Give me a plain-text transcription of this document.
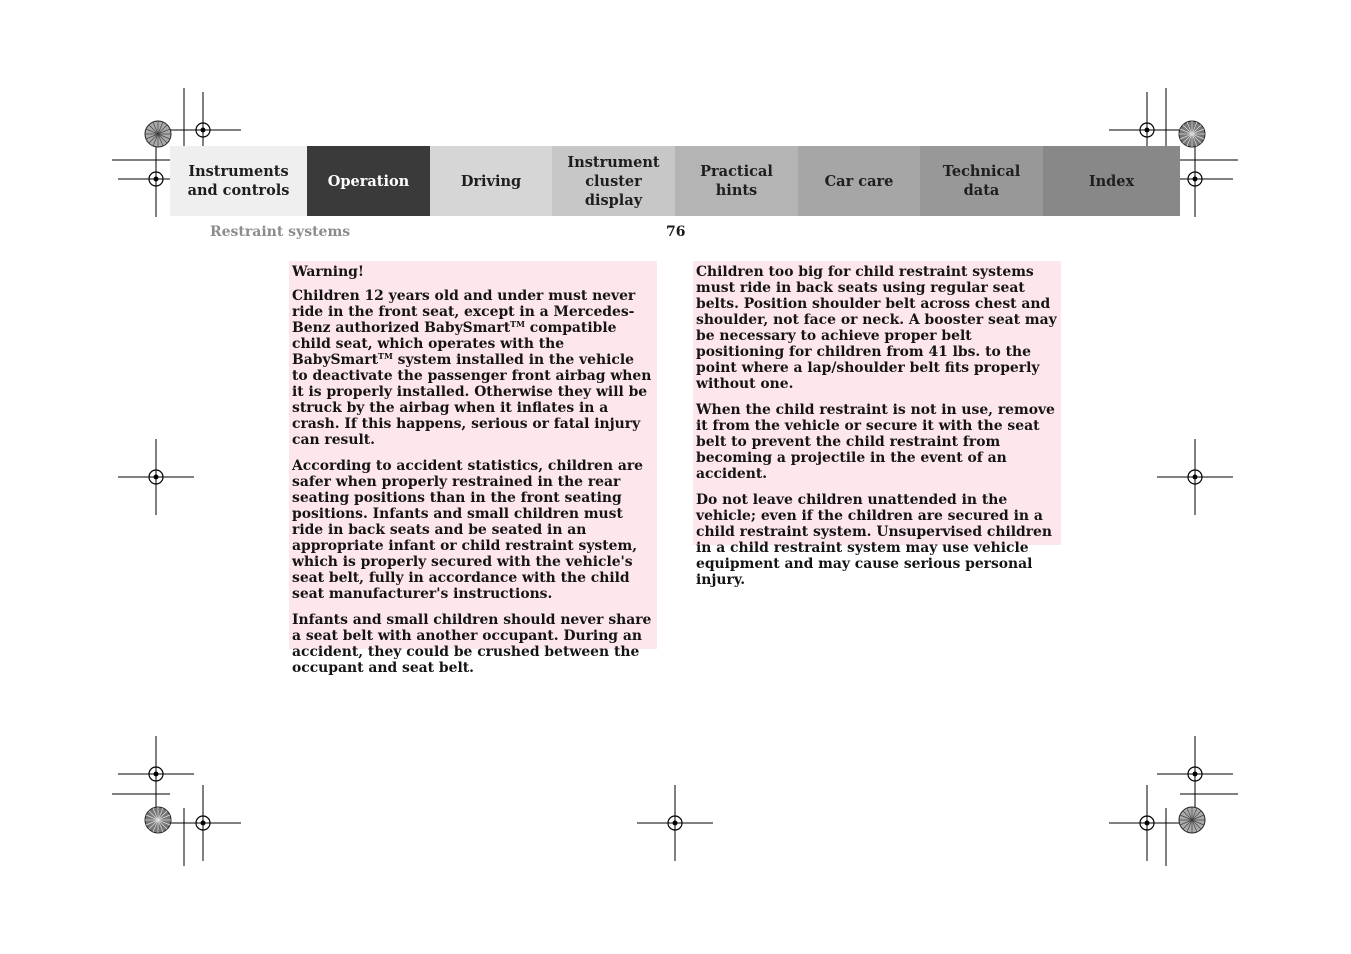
Instruments
and controls
Operation	Driving
Instrument
cluster display
Practical hints
Car care
Technical
data
Index
Restraint systems	76

Warning!

Children 12 years old and under must never ride in the front seat, except in a Mercedes-Benz authorized BabySmart™ compatible child seat, which operates with the BabySmart™ system installed in the vehicle to deactivate the passenger front airbag when it is properly installed. Otherwise they will be struck by the airbag when it inflates in a crash. If this happens, serious or fatal injury can result.

According to accident statistics, children are safer when properly restrained in the rear seating positions than in the front seating positions. Infants and small children must ride in back seats and be seated in an appropriate infant or child restraint system, which is properly secured with the vehicle's seat belt, fully in accordance with the child seat manufacturer's instructions.

Infants and small children should never share a seat belt with another occupant. During an accident, they could be crushed between the occupant and seat belt.

Children too big for child restraint systems must ride in back seats using regular seat belts. Position shoulder belt across chest and shoulder, not face or neck. A booster seat may be necessary to achieve proper belt positioning for children from 41 lbs. to the point where a lap/shoulder belt fits properly without one.

When the child restraint is not in use, remove it from the vehicle or secure it with the seat belt to prevent the child restraint from becoming a projectile in the event of an accident.

Do not leave children unattended in the vehicle; even if the children are secured in a child restraint system. Unsupervised children in a child restraint system may use vehicle equipment and may cause serious personal injury.
